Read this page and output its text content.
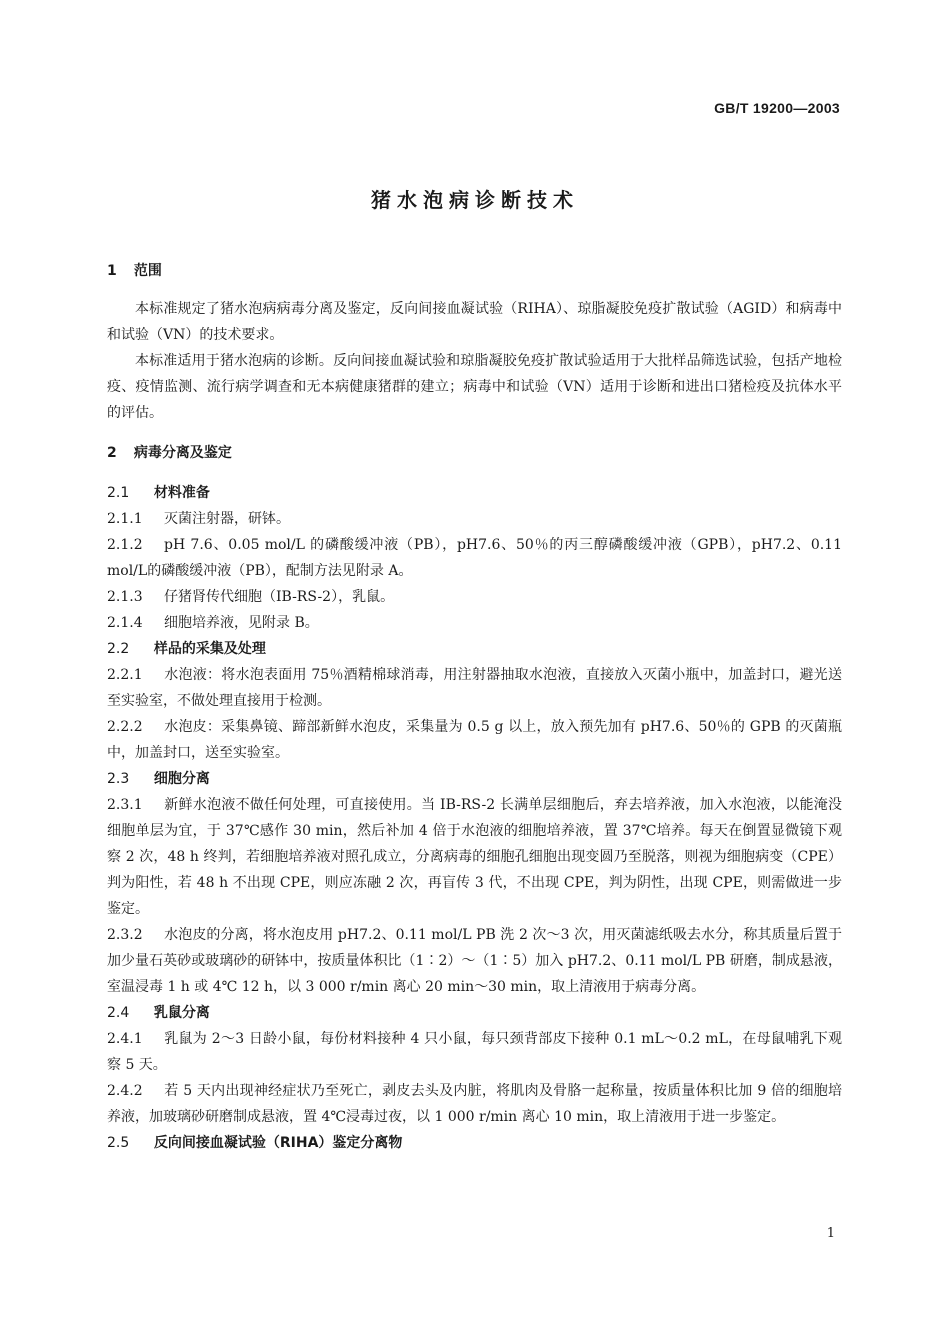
GB/T 19200—2003
猪水泡病诊断技术
1 范围

本标准规定了猪水泡病病毒分离及鉴定，反向间接血凝试验（RIHA）、琼脂凝胶免疫扩散试验（AGID）和病毒中和试验（VN）的技术要求。

本标准适用于猪水泡病的诊断。反向间接血凝试验和琼脂凝胶免疫扩散试验适用于大批样品筛选试验，包括产地检疫、疫情监测、流行病学调查和无本病健康猪群的建立；病毒中和试验（VN）适用于诊断和进出口猪检疫及抗体水平的评估。

2 病毒分离及鉴定
2.1 材料准备

2.1.1 灭菌注射器，研钵。

2.1.2 pH 7.6、0.05 mol/L 的磷酸缓冲液（PB），pH7.6、50％的丙三醇磷酸缓冲液（GPB），pH7.2、0.11 mol/L的磷酸缓冲液（PB），配制方法见附录 A。

2.1.3 仔猪肾传代细胞（IB-RS-2），乳鼠。

2.1.4 细胞培养液，见附录 B。

2.2 样品的采集及处理

2.2.1 水泡液：将水泡表面用 75％酒精棉球消毒，用注射器抽取水泡液，直接放入灭菌小瓶中，加盖封口，避光送至实验室，不做处理直接用于检测。

2.2.2 水泡皮：采集鼻镜、蹄部新鲜水泡皮，采集量为 0.5 g 以上，放入预先加有 pH7.6、50％的 GPB 的灭菌瓶中，加盖封口，送至实验室。

2.3 细胞分离

2.3.1 新鲜水泡液不做任何处理，可直接使用。当 IB-RS-2 长满单层细胞后，弃去培养液，加入水泡液，以能淹没细胞单层为宜，于 37℃感作 30 min，然后补加 4 倍于水泡液的细胞培养液，置 37℃培养。每天在倒置显微镜下观察 2 次，48 h 终判，若细胞培养液对照孔成立，分离病毒的细胞孔细胞出现变圆乃至脱落，则视为细胞病变（CPE）判为阳性，若 48 h 不出现 CPE，则应冻融 2 次，再盲传 3 代，不出现 CPE，判为阴性，出现 CPE，则需做进一步鉴定。

2.3.2 水泡皮的分离，将水泡皮用 pH7.2、0.11 mol/L PB 洗 2 次～3 次，用灭菌滤纸吸去水分，称其质量后置于加少量石英砂或玻璃砂的研钵中，按质量体积比（1∶2）～（1∶5）加入 pH7.2、0.11 mol/L PB 研磨，制成悬液，室温浸毒 1 h 或 4℃ 12 h，以 3 000 r/min 离心 20 min～30 min，取上清液用于病毒分离。

2.4 乳鼠分离

2.4.1 乳鼠为 2～3 日龄小鼠，每份材料接种 4 只小鼠，每只颈背部皮下接种 0.1 mL～0.2 mL，在母鼠哺乳下观察 5 天。

2.4.2 若 5 天内出现神经症状乃至死亡，剥皮去头及内脏，将肌肉及骨胳一起称量，按质量体积比加 9 倍的细胞培养液，加玻璃砂研磨制成悬液，置 4℃浸毒过夜，以 1 000 r/min 离心 10 min，取上清液用于进一步鉴定。

2.5 反向间接血凝试验（RIHA）鉴定分离物
1
